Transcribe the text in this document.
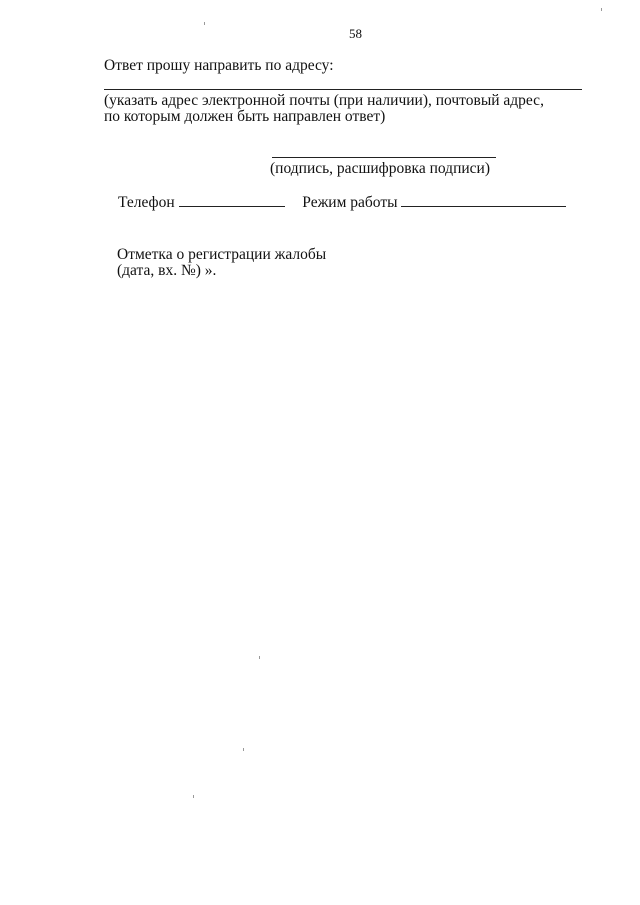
58
Ответ прошу направить по адресу:
(указать адрес электронной почты (при наличии), почтовый адрес,
по которым должен быть направлен ответ)
(подпись, расшифровка подписи)
Телефон	Режим работы
Отметка о регистрации жалобы
(дата, вх. №) ».
